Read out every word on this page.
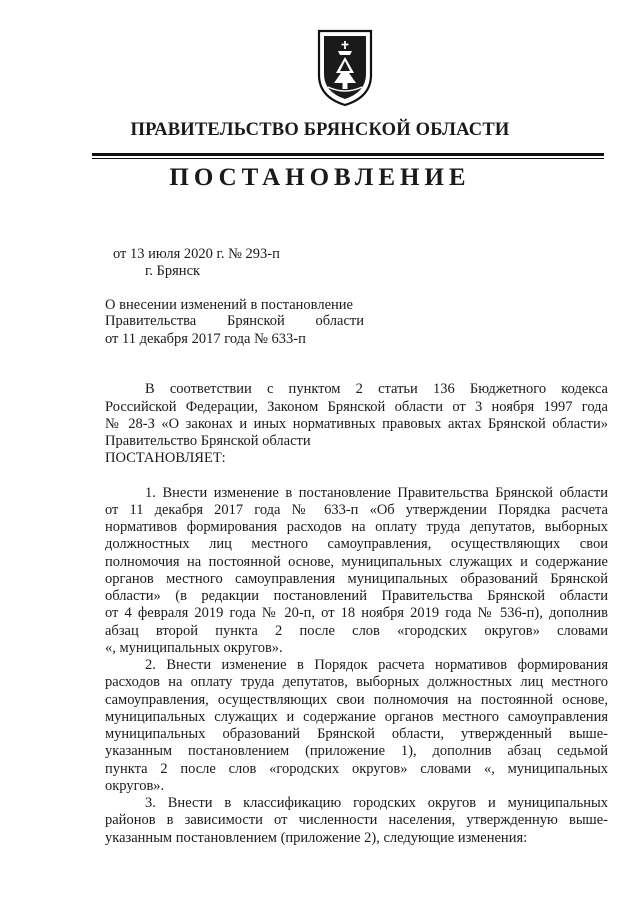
ПРАВИТЕЛЬСТВО БРЯНСКОЙ ОБЛАСТИ
ПОСТАНОВЛЕНИЕ
от 13 июля 2020 г. № 293-п
г. Брянск
О внесении изменений в постановление
Правительства Брянской области
от 11 декабря 2017 года № 633-п
В соответствии с пунктом 2 статьи 136 Бюджетного кодекса
Российской Федерации, Законом Брянской области от 3 ноября 1997 года
№ 28-З «О законах и иных нормативных правовых актах Брянской области»
Правительство Брянской области
ПОСТАНОВЛЯЕТ:
1. Внести изменение в постановление Правительства Брянской области
от 11 декабря 2017 года № 633-п «Об утверждении Порядка расчета
нормативов формирования расходов на оплату труда депутатов, выборных
должностных лиц местного самоуправления, осуществляющих свои
полномочия на постоянной основе, муниципальных служащих и содержание
органов местного самоуправления муниципальных образований Брянской
области» (в редакции постановлений Правительства Брянской области
от 4 февраля 2019 года № 20-п, от 18 ноября 2019 года № 536-п), дополнив
абзац второй пункта 2 после слов «городских округов» словами
«, муниципальных округов».
2. Внести изменение в Порядок расчета нормативов формирования
расходов на оплату труда депутатов, выборных должностных лиц местного
самоуправления, осуществляющих свои полномочия на постоянной основе,
муниципальных служащих и содержание органов местного самоуправления
муниципальных образований Брянской области, утвержденный выше-
указанным постановлением (приложение 1), дополнив абзац седьмой
пункта 2 после слов «городских округов» словами «, муниципальных
округов».
3. Внести в классификацию городских округов и муниципальных
районов в зависимости от численности населения, утвержденную выше-
указанным постановлением (приложение 2), следующие изменения:
